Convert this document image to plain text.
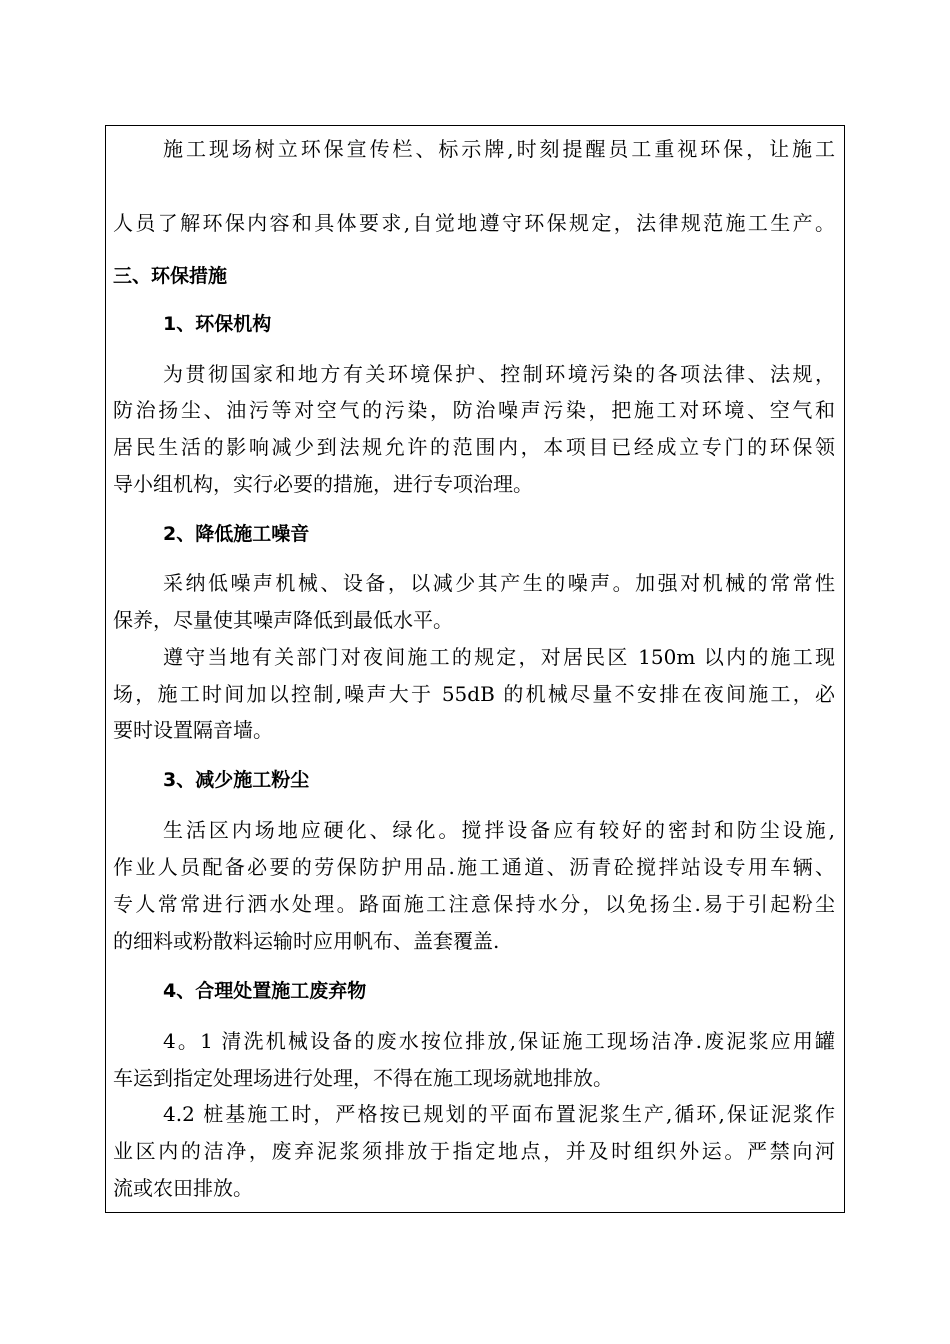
施工现场树立环保宣传栏、标示牌,时刻提醒员工重视环保，让施工
人员了解环保内容和具体要求,自觉地遵守环保规定，法律规范施工生产。
三、环保措施
1、环保机构
为贯彻国家和地方有关环境保护、控制环境污染的各项法律、法规，
防治扬尘、油污等对空气的污染，防治噪声污染，把施工对环境、空气和
居民生活的影响减少到法规允许的范围内，本项目已经成立专门的环保领
导小组机构，实行必要的措施，进行专项治理。
2、降低施工噪音
采纳低噪声机械、设备，以减少其产生的噪声。加强对机械的常常性
保养，尽量使其噪声降低到最低水平。
遵守当地有关部门对夜间施工的规定，对居民区 150m 以内的施工现
场，施工时间加以控制,噪声大于 55dB 的机械尽量不安排在夜间施工，必
要时设置隔音墙。
3、减少施工粉尘
生活区内场地应硬化、绿化。搅拌设备应有较好的密封和防尘设施,
作业人员配备必要的劳保防护用品.施工通道、沥青砼搅拌站设专用车辆、
专人常常进行洒水处理。路面施工注意保持水分，以免扬尘.易于引起粉尘
的细料或粉散料运输时应用帆布、盖套覆盖.
4、合理处置施工废弃物
4。1 清洗机械设备的废水按位排放,保证施工现场洁净.废泥浆应用罐
车运到指定处理场进行处理，不得在施工现场就地排放。
4.2 桩基施工时，严格按已规划的平面布置泥浆生产,循环,保证泥浆作
业区内的洁净，废弃泥浆须排放于指定地点，并及时组织外运。严禁向河
流或农田排放。
